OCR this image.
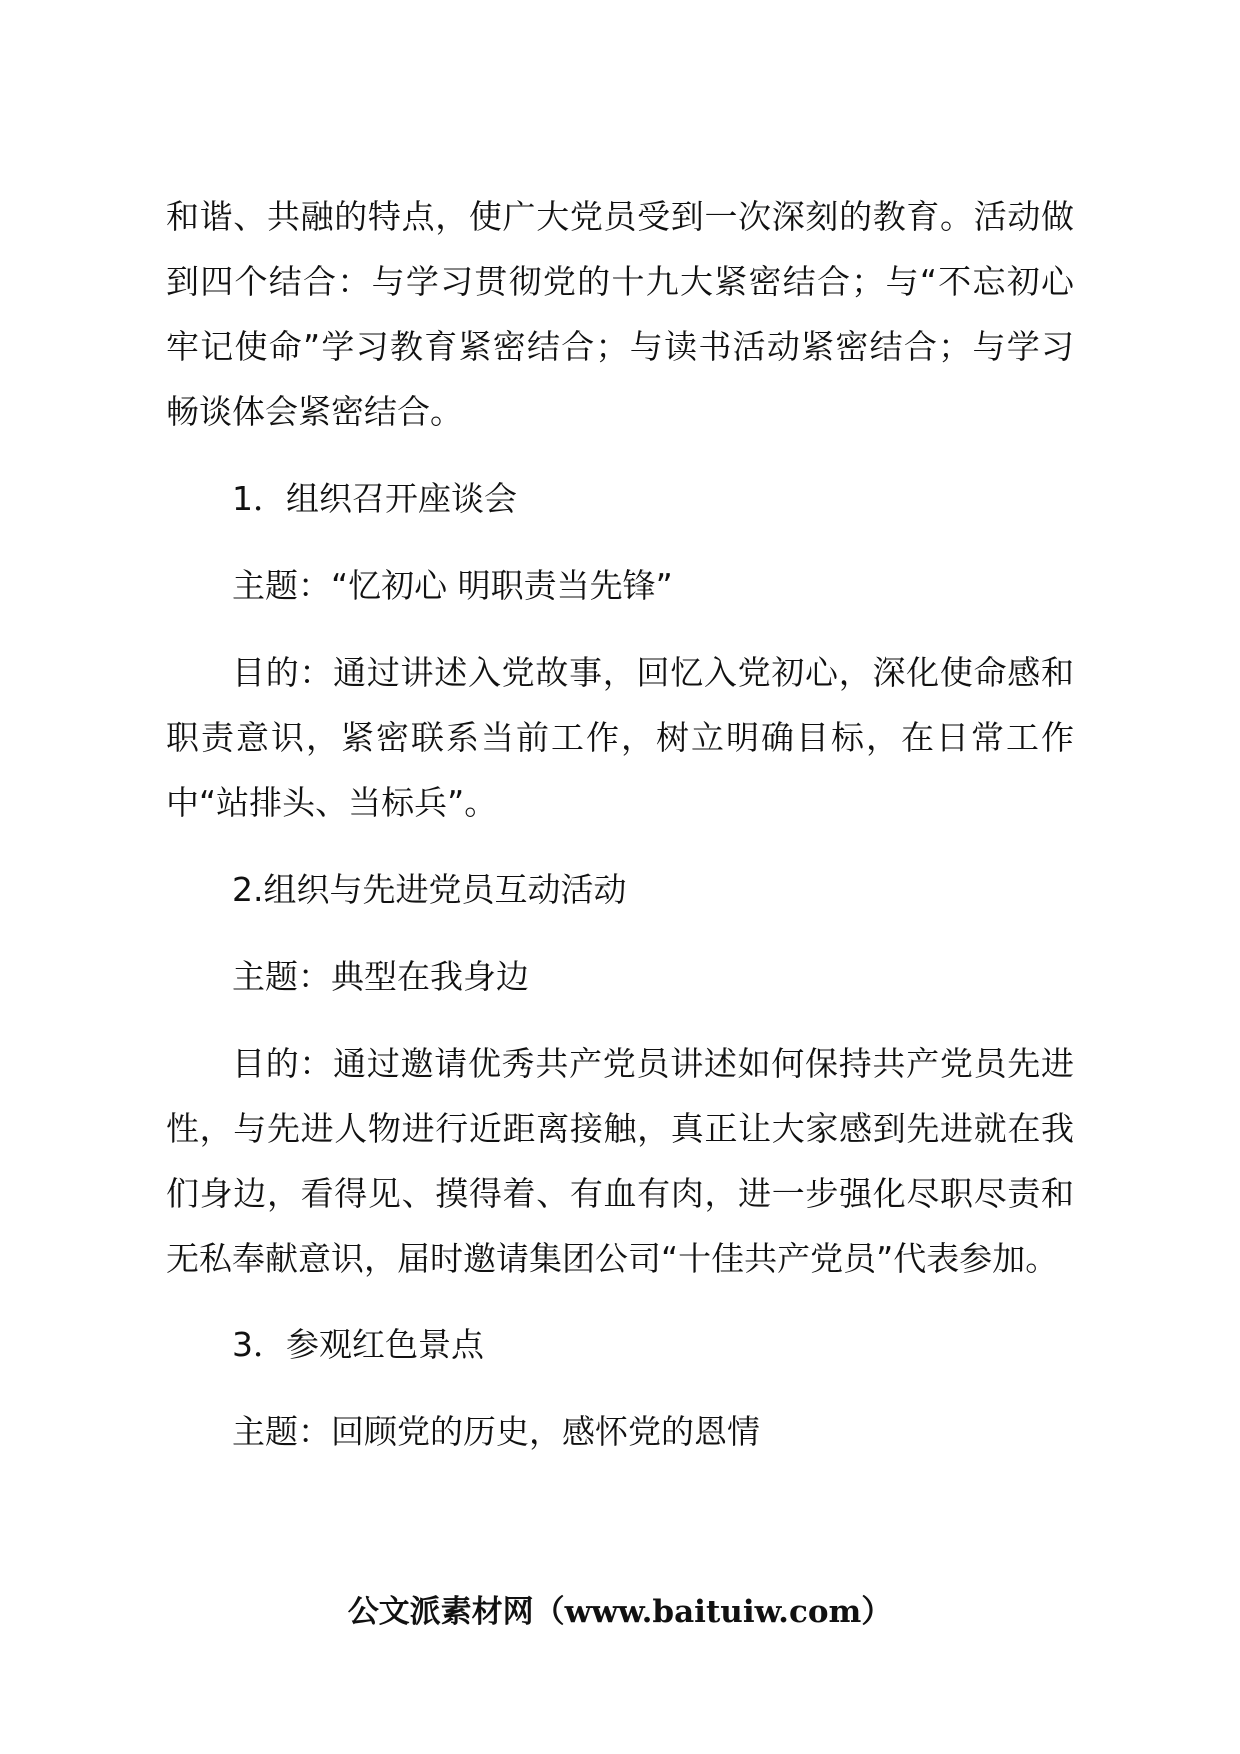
和谐、共融的特点，使广大党员受到一次深刻的教育。活动做到四个结合：与学习贯彻党的十九大紧密结合；与“不忘初心牢记使命”学习教育紧密结合；与读书活动紧密结合；与学习畅谈体会紧密结合。

1．组织召开座谈会

主题：“忆初心 明职责当先锋”

目的：通过讲述入党故事，回忆入党初心，深化使命感和职责意识，紧密联系当前工作，树立明确目标，在日常工作中“站排头、当标兵”。

2.组织与先进党员互动活动

主题：典型在我身边

目的：通过邀请优秀共产党员讲述如何保持共产党员先进性，与先进人物进行近距离接触，真正让大家感到先进就在我们身边，看得见、摸得着、有血有肉，进一步强化尽职尽责和无私奉献意识，届时邀请集团公司“十佳共产党员”代表参加。

3．参观红色景点

主题：回顾党的历史，感怀党的恩情

公文派素材网（www.baituiw.com）
